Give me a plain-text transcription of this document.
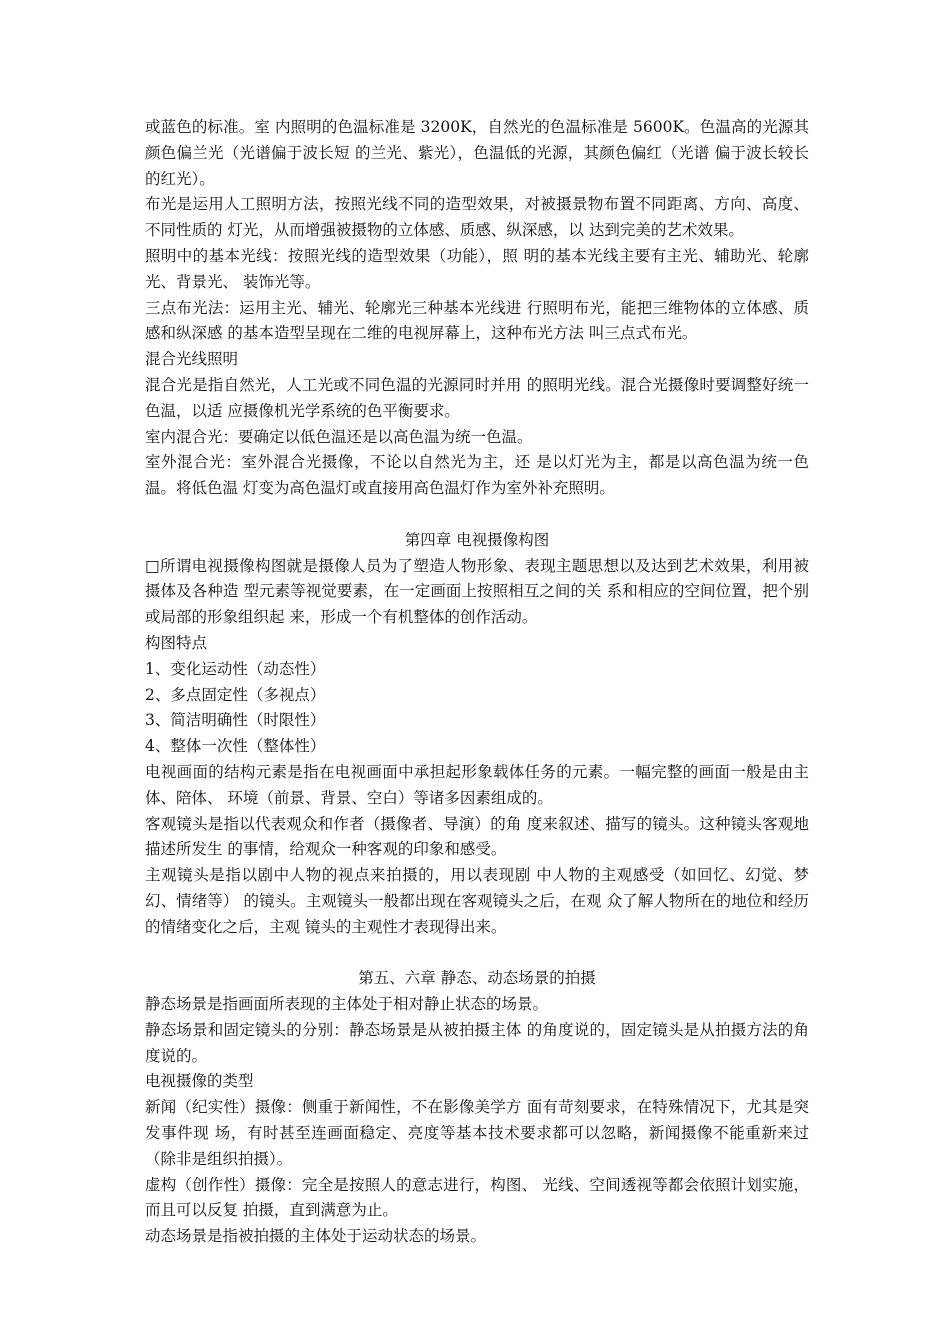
或蓝色的标准。室 内照明的色温标准是 3200K，自然光的色温标准是 5600K。色温高的光源其颜色偏兰光（光谱偏于波长短 的兰光、紫光），色温低的光源，其颜色偏红（光谱 偏于波长较长的红光）。

布光是运用人工照明方法，按照光线不同的造型效果，对被摄景物布置不同距离、方向、高度、不同性质的 灯光，从而增强被摄物的立体感、质感、纵深感，以 达到完美的艺术效果。

照明中的基本光线：按照光线的造型效果（功能），照 明的基本光线主要有主光、辅助光、轮廓光、背景光、 装饰光等。

三点布光法：运用主光、辅光、轮廓光三种基本光线进 行照明布光，能把三维物体的立体感、质感和纵深感 的基本造型呈现在二维的电视屏幕上，这种布光方法 叫三点式布光。

混合光线照明

混合光是指自然光，人工光或不同色温的光源同时并用 的照明光线。混合光摄像时要调整好统一色温，以适 应摄像机光学系统的色平衡要求。

室内混合光：要确定以低色温还是以高色温为统一色温。

室外混合光：室外混合光摄像，不论以自然光为主，还 是以灯光为主，都是以高色温为统一色温。将低色温 灯变为高色温灯或直接用高色温灯作为室外补充照明。

第四章 电视摄像构图

□所谓电视摄像构图就是摄像人员为了塑造人物形象、表现主题思想以及达到艺术效果，利用被摄体及各种造 型元素等视觉要素，在一定画面上按照相互之间的关 系和相应的空间位置，把个别或局部的形象组织起 来，形成一个有机整体的创作活动。

构图特点

1、变化运动性（动态性）

2、多点固定性（多视点）

3、简洁明确性（时限性）

4、整体一次性（整体性）

电视画面的结构元素是指在电视画面中承担起形象载体任务的元素。一幅完整的画面一般是由主体、陪体、 环境（前景、背景、空白）等诸多因素组成的。

客观镜头是指以代表观众和作者（摄像者、导演）的角 度来叙述、描写的镜头。这种镜头客观地描述所发生 的事情，给观众一种客观的印象和感受。

主观镜头是指以剧中人物的视点来拍摄的，用以表现剧 中人物的主观感受（如回忆、幻觉、梦幻、情绪等） 的镜头。主观镜头一般都出现在客观镜头之后，在观 众了解人物所在的地位和经历的情绪变化之后，主观 镜头的主观性才表现得出来。

第五、六章 静态、动态场景的拍摄

静态场景是指画面所表现的主体处于相对静止状态的场景。

静态场景和固定镜头的分别：静态场景是从被拍摄主体 的角度说的，固定镜头是从拍摄方法的角度说的。

电视摄像的类型

新闻（纪实性）摄像：侧重于新闻性，不在影像美学方 面有苛刻要求，在特殊情况下，尤其是突发事件现 场，有时甚至连画面稳定、亮度等基本技术要求都可以忽略，新闻摄像不能重新来过（除非是组织拍摄）。

虚构（创作性）摄像：完全是按照人的意志进行，构图、 光线、空间透视等都会依照计划实施，而且可以反复 拍摄，直到满意为止。

动态场景是指被拍摄的主体处于运动状态的场景。
